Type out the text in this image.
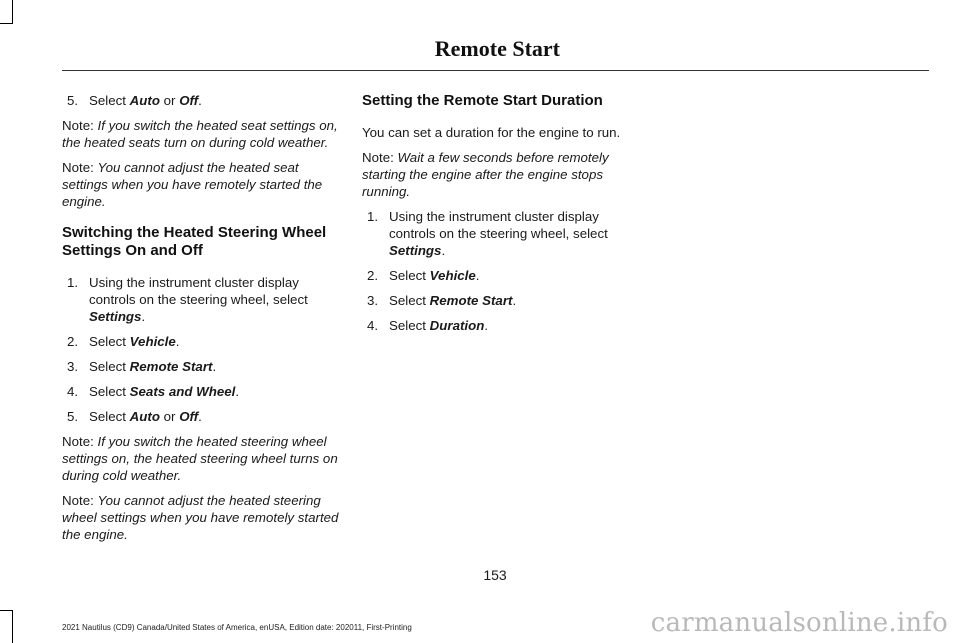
Remote Start
5. Select Auto or Off.

Note: If you switch the heated seat settings on, the heated seats turn on during cold weather.

Note: You cannot adjust the heated seat settings when you have remotely started the engine.

Switching the Heated Steering Wheel Settings On and Off
1. Using the instrument cluster display controls on the steering wheel, select Settings.
2. Select Vehicle.
3. Select Remote Start.
4. Select Seats and Wheel.
5. Select Auto or Off.

Note: If you switch the heated steering wheel settings on, the heated steering wheel turns on during cold weather.

Note: You cannot adjust the heated steering wheel settings when you have remotely started the engine.

Setting the Remote Start Duration

You can set a duration for the engine to run.

Note: Wait a few seconds before remotely starting the engine after the engine stops running.

1. Using the instrument cluster display controls on the steering wheel, select Settings.
2. Select Vehicle.
3. Select Remote Start.
4. Select Duration.
153
2021 Nautilus (CD9) Canada/United States of America, enUSA, Edition date: 202011, First-Printing	carmanualsonline.info
